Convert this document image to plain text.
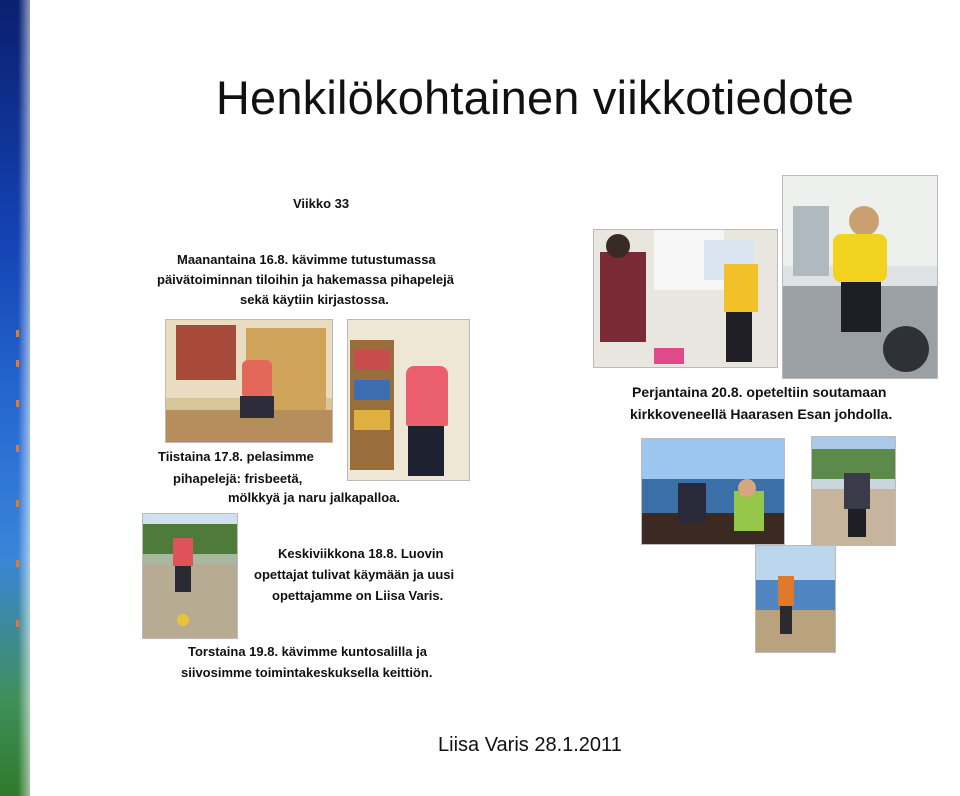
Henkilökohtainen viikkotiedote
Viikko 33
Maanantaina 16.8. kävimme tutustumassa
päivätoiminnan tiloihin ja hakemassa pihapelejä
sekä käytiin kirjastossa.
Tiistaina 17.8. pelasimme
pihapelejä: frisbeetä,
mölkkyä ja naru jalkapalloa.
Keskiviikkona 18.8. Luovin
opettajat tulivat käymään ja uusi
opettajamme on Liisa Varis.
Torstaina 19.8. kävimme kuntosalilla ja
siivosimme toimintakeskuksella keittiön.
Perjantaina 20.8. opeteltiin soutamaan
kirkkoveneellä Haarasen Esan johdolla.
Liisa Varis 28.1.2011
